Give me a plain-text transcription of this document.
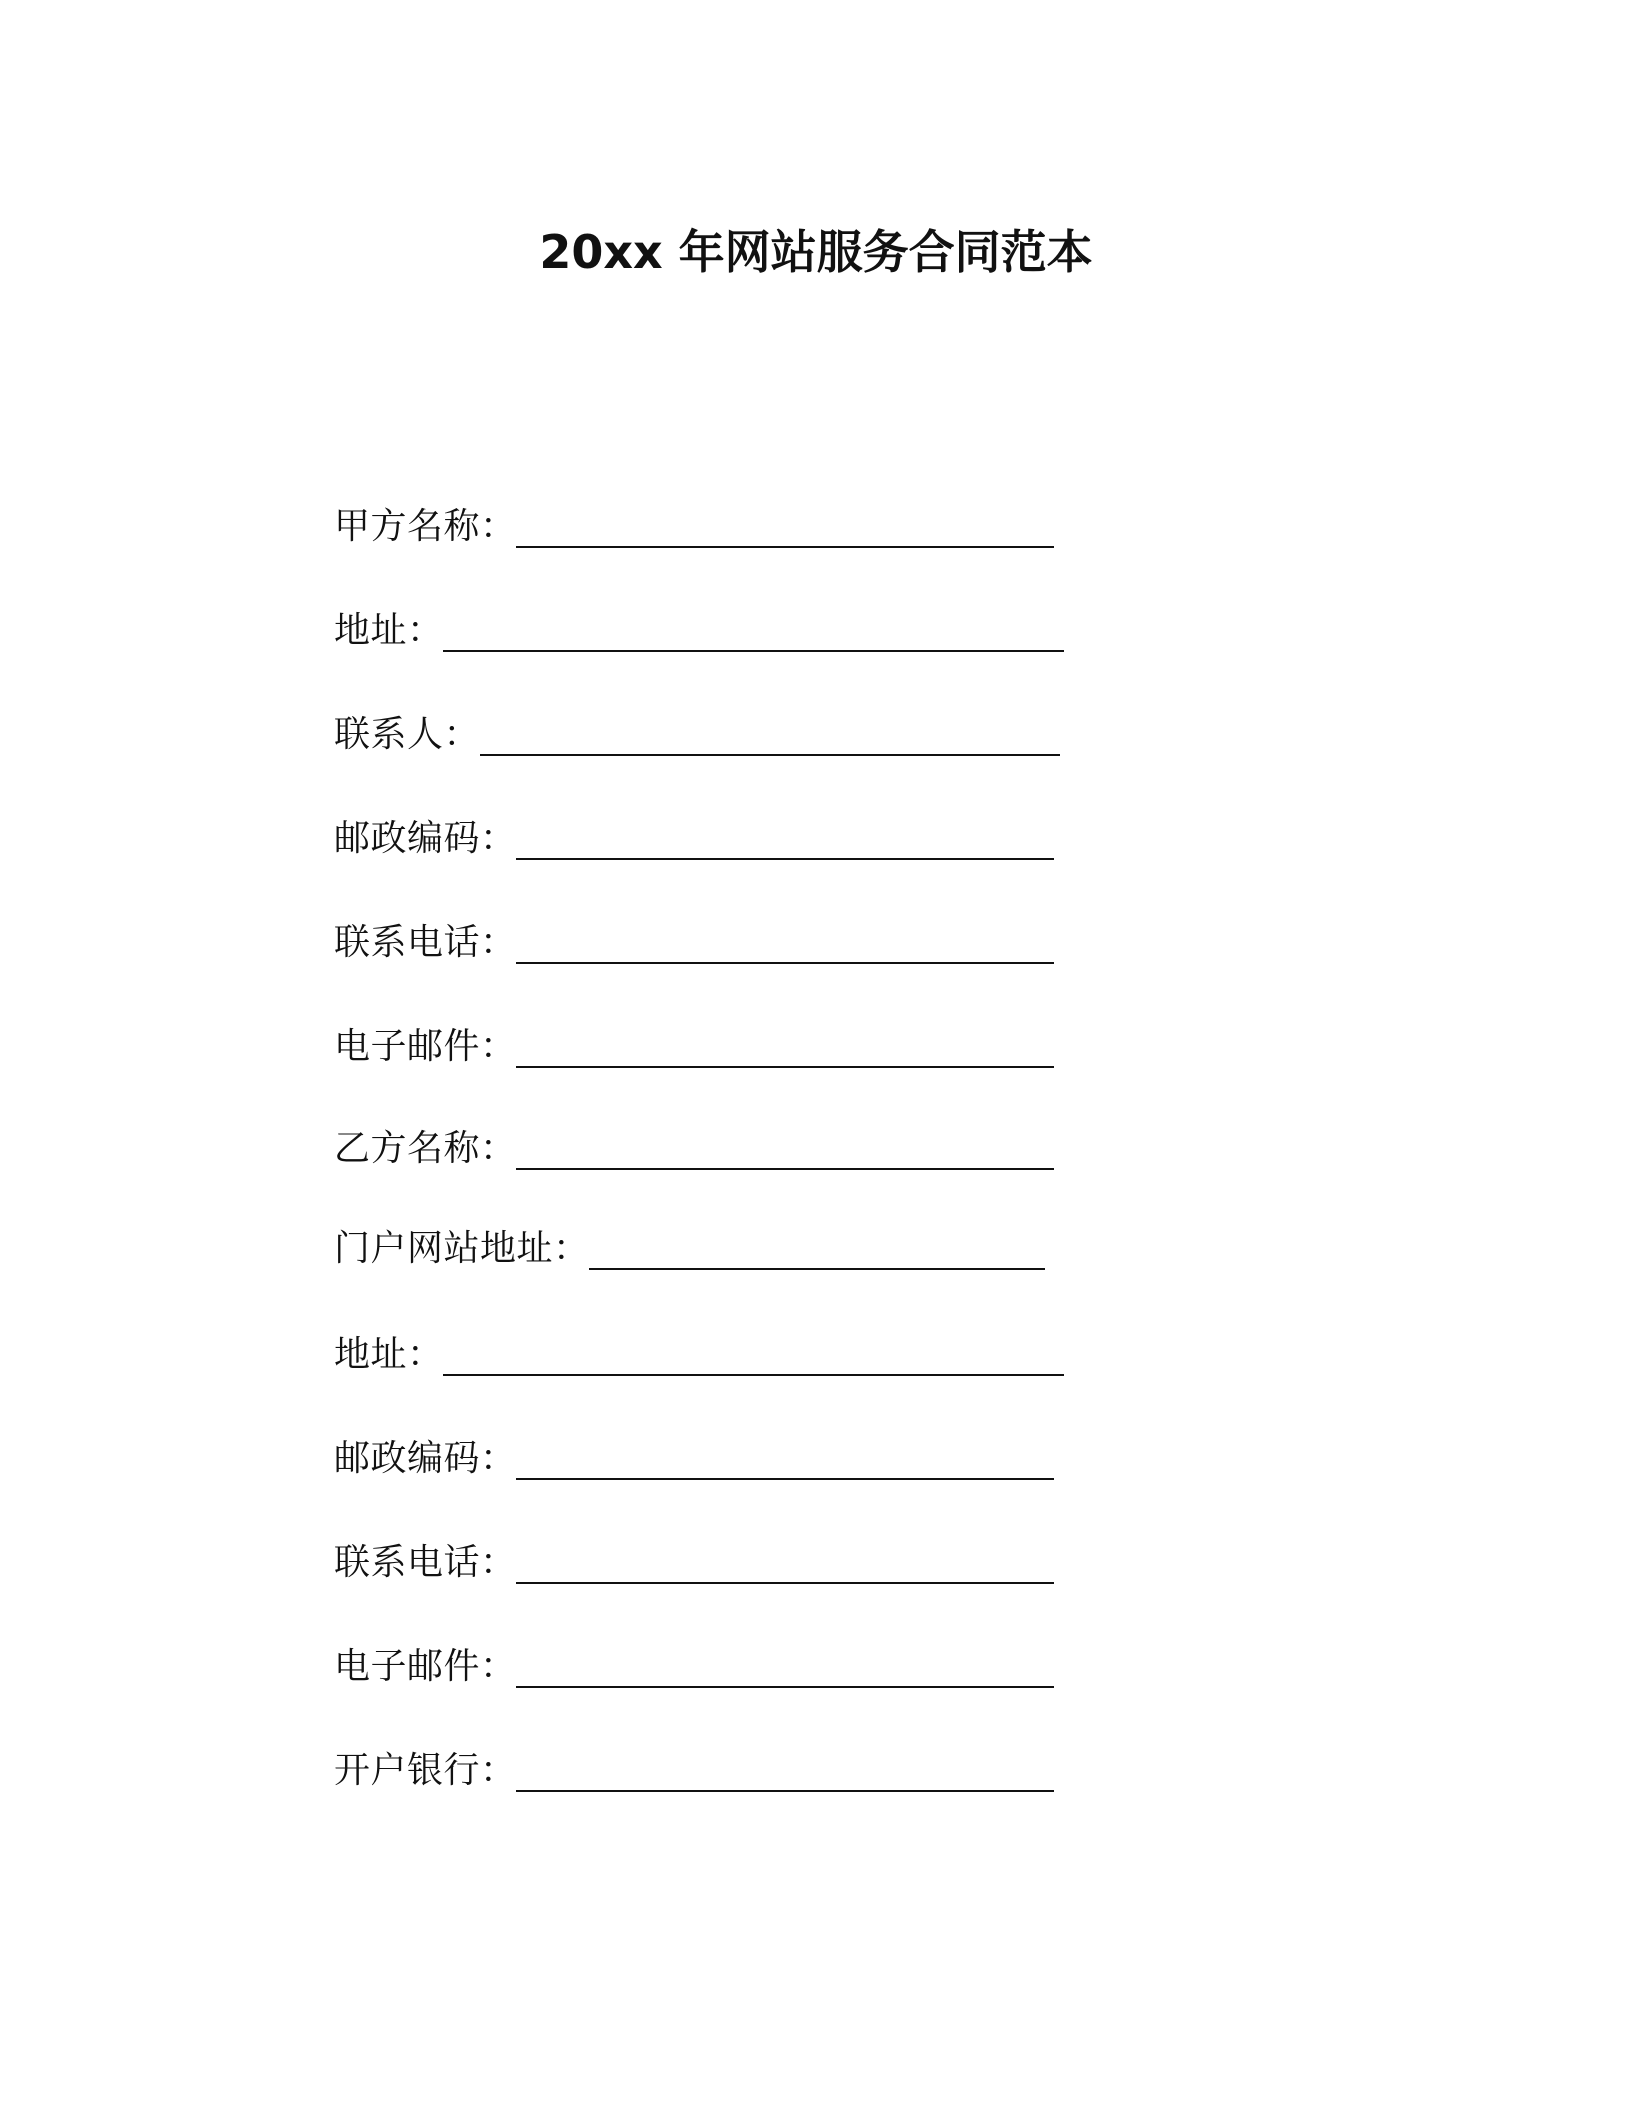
20xx 年网站服务合同范本
甲方名称 ：
地址 ：
联系人 ：
邮政编码 ：
联系电话 ：
电子邮件 ：
乙方名称 ：
门户网站地址 ：
地址 ：
邮政编码 ：
联系电话 ：
电子邮件 ：
开户银行 ：
